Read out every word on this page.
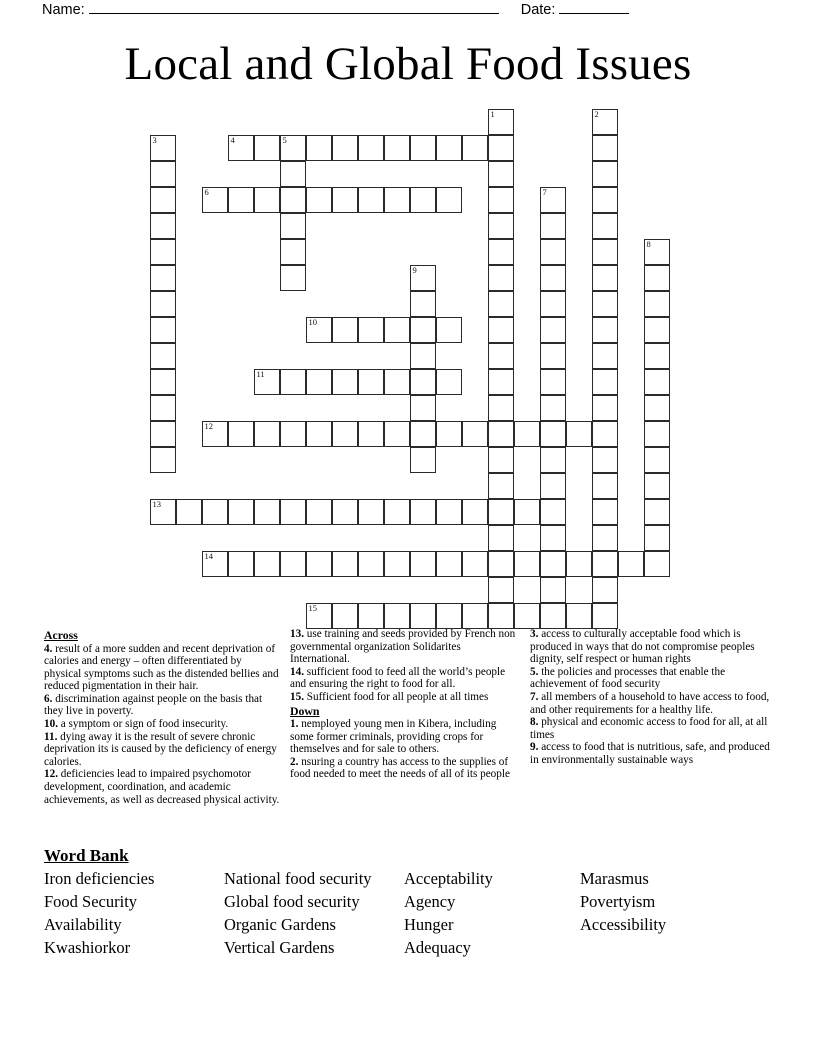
Name:	Date:
Local and Global Food Issues
1	2
3	4	5
6	7
8
9
10
11
12
13
14
15
Across

4. result of a more sudden and recent deprivation of calories and energy – often differentiated by physical symptoms such as the distended bellies and reduced pigmentation in their hair.

6. discrimination against people on the basis that they live in poverty.

10. a symptom or sign of food insecurity.

11. dying away it is the result of severe chronic deprivation its is caused by the deficiency of energy calories.

12. deficiencies lead to impaired psychomotor development, coordination, and academic achievements, as well as decreased physical activity.

13. use training and seeds provided by French non governmental organization Solidarites International.

14. sufficient food to feed all the world’s people and ensuring the right to food for all.

15. Sufficient food for all people at all times

Down

1. nemployed young men in Kibera, including some former criminals, providing crops for themselves and for sale to others.

2. nsuring a country has access to the supplies of food needed to meet the needs of all of its people

3. access to culturally acceptable food which is produced in ways that do not compromise peoples dignity, self respect or human rights

5. the policies and processes that enable the achievement of food security

7. all members of a household to have access to food, and other requirements for a healthy life.

8. physical and economic access to food for all, at all times

9. access to food that is nutritious, safe, and produced in environmentally sustainable ways

Word Bank
Iron deficiencies	National food security	Acceptability	Marasmus
Food Security	Global food security	Agency	Povertyism
Availability	Organic Gardens	Hunger	Accessibility
Kwashiorkor	Vertical Gardens	Adequacy
